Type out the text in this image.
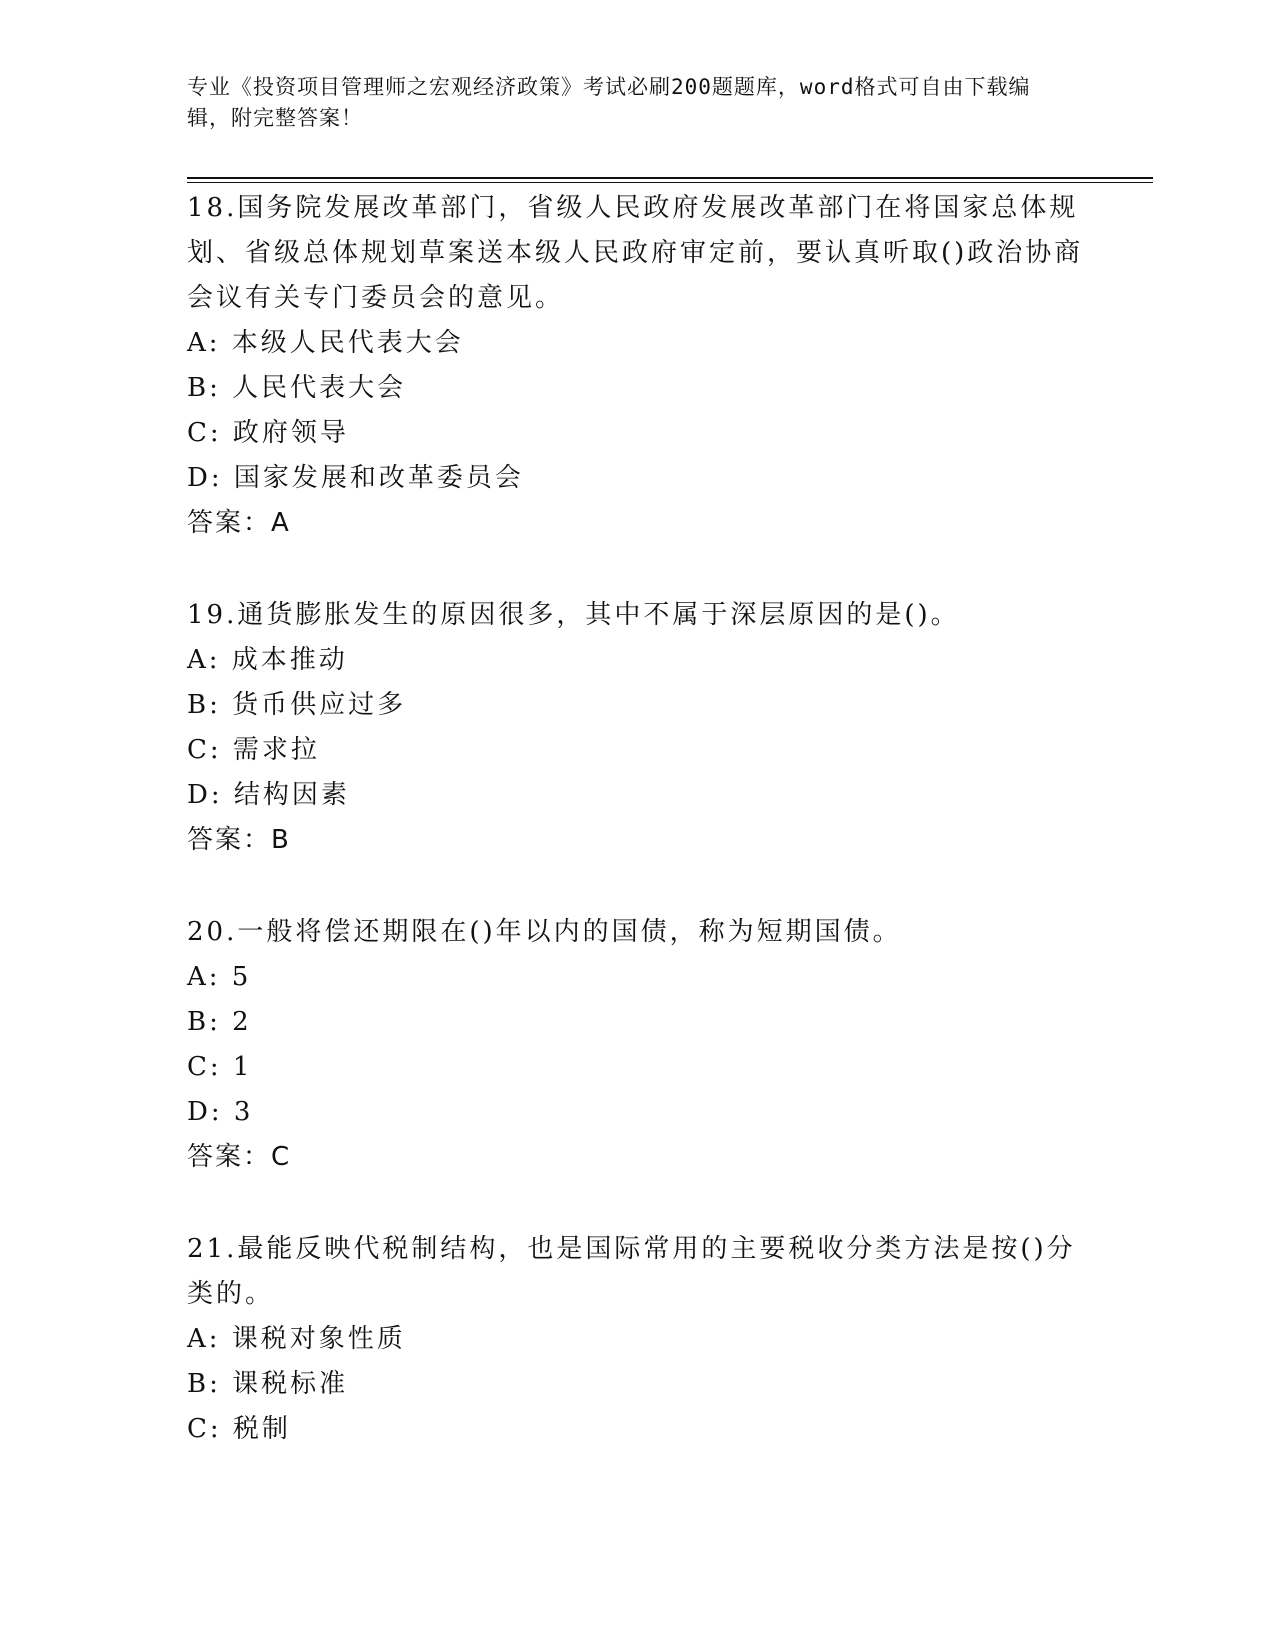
专业《投资项目管理师之宏观经济政策》考试必刷200题题库，word格式可自由下载编辑，附完整答案！

18.国务院发展改革部门，省级人民政府发展改革部门在将国家总体规划、省级总体规划草案送本级人民政府审定前，要认真听取()政治协商会议有关专门委员会的意见。

A: 本级人民代表大会

B: 人民代表大会

C: 政府领导

D: 国家发展和改革委员会

答案：A

19.通货膨胀发生的原因很多，其中不属于深层原因的是()。

A: 成本推动

B: 货币供应过多

C: 需求拉

D: 结构因素

答案：B

20.一般将偿还期限在()年以内的国债，称为短期国债。

A: 5

B: 2

C: 1

D: 3

答案：C

21.最能反映代税制结构，也是国际常用的主要税收分类方法是按()分类的。

A: 课税对象性质

B: 课税标准

C: 税制
